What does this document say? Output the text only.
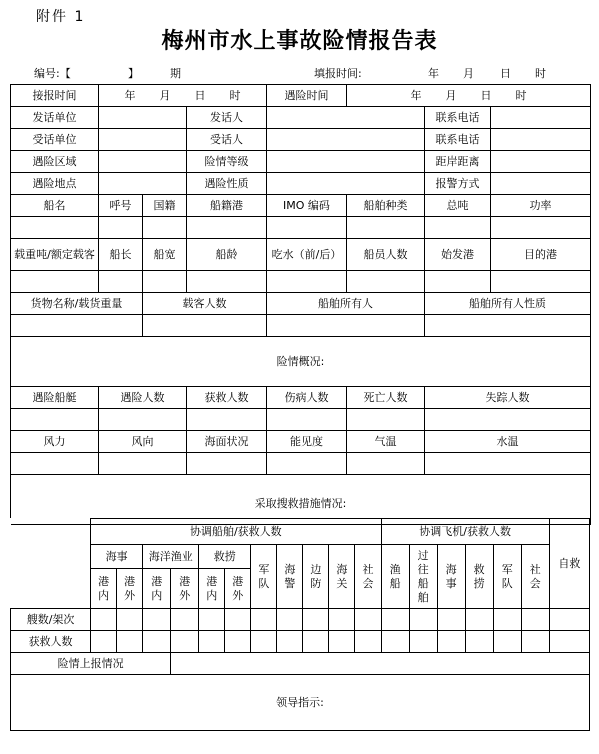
附件 1
梅州市水上事故险情报告表
编号:【	】	期	填报时间:	年 月 日 时
接报时间	年 月 日 时			遇险时间	年 月 日 时		
发话单位			发话人			联系电话	
受话单位			受话人			联系电话	
遇险区域			险情等级			距岸距离	
遇险地点			遇险性质			报警方式	
船名	呼号	国籍	船籍港	IMO 编码	船舶种类	总吨	功率

载重吨/额定载客	船长	船宽	船龄	吃水（前/后）	船员人数	始发港	目的港

货物名称/载货重量		载客人数		船舶所有人		船舶所有人性质	

险情概况:							
遇险船艇	遇险人数		获救人数	伤病人数	死亡人数	失踪人数	

风力	风向		海面状况	能见度	气温	水温	

采取搜救措施情况:							
	协调船舶/获救人数											协调飞机/获救人数						自救
	海事		海洋渔业		救捞		军队	海警	边防	海关	社会	渔船	过往船舶	海事	救捞	军队	社会	
	港内	港外	港内	港外	港内	港外												
艘数/架次																		
获救人数																		
险情上报情况																		
领导指示:																		
